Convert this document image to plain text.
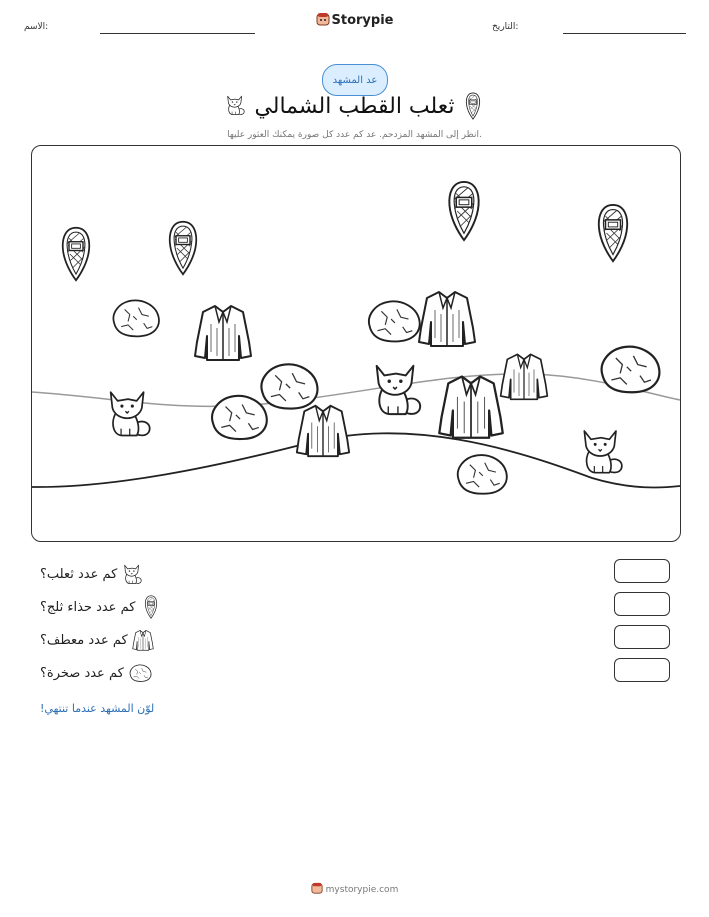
الاسم:	Storypie	التاريخ:
عد المشهد
ثعلب القطب الشمالي
انظر إلى المشهد المزدحم. عد كم عدد كل صورة يمكنك العثور عليها.
كم عدد ثعلب؟
كم عدد حذاء ثلج؟
كم عدد معطف؟
كم عدد صخرة؟
لوّن المشهد عندما تنتهي!
mystorypie.com
